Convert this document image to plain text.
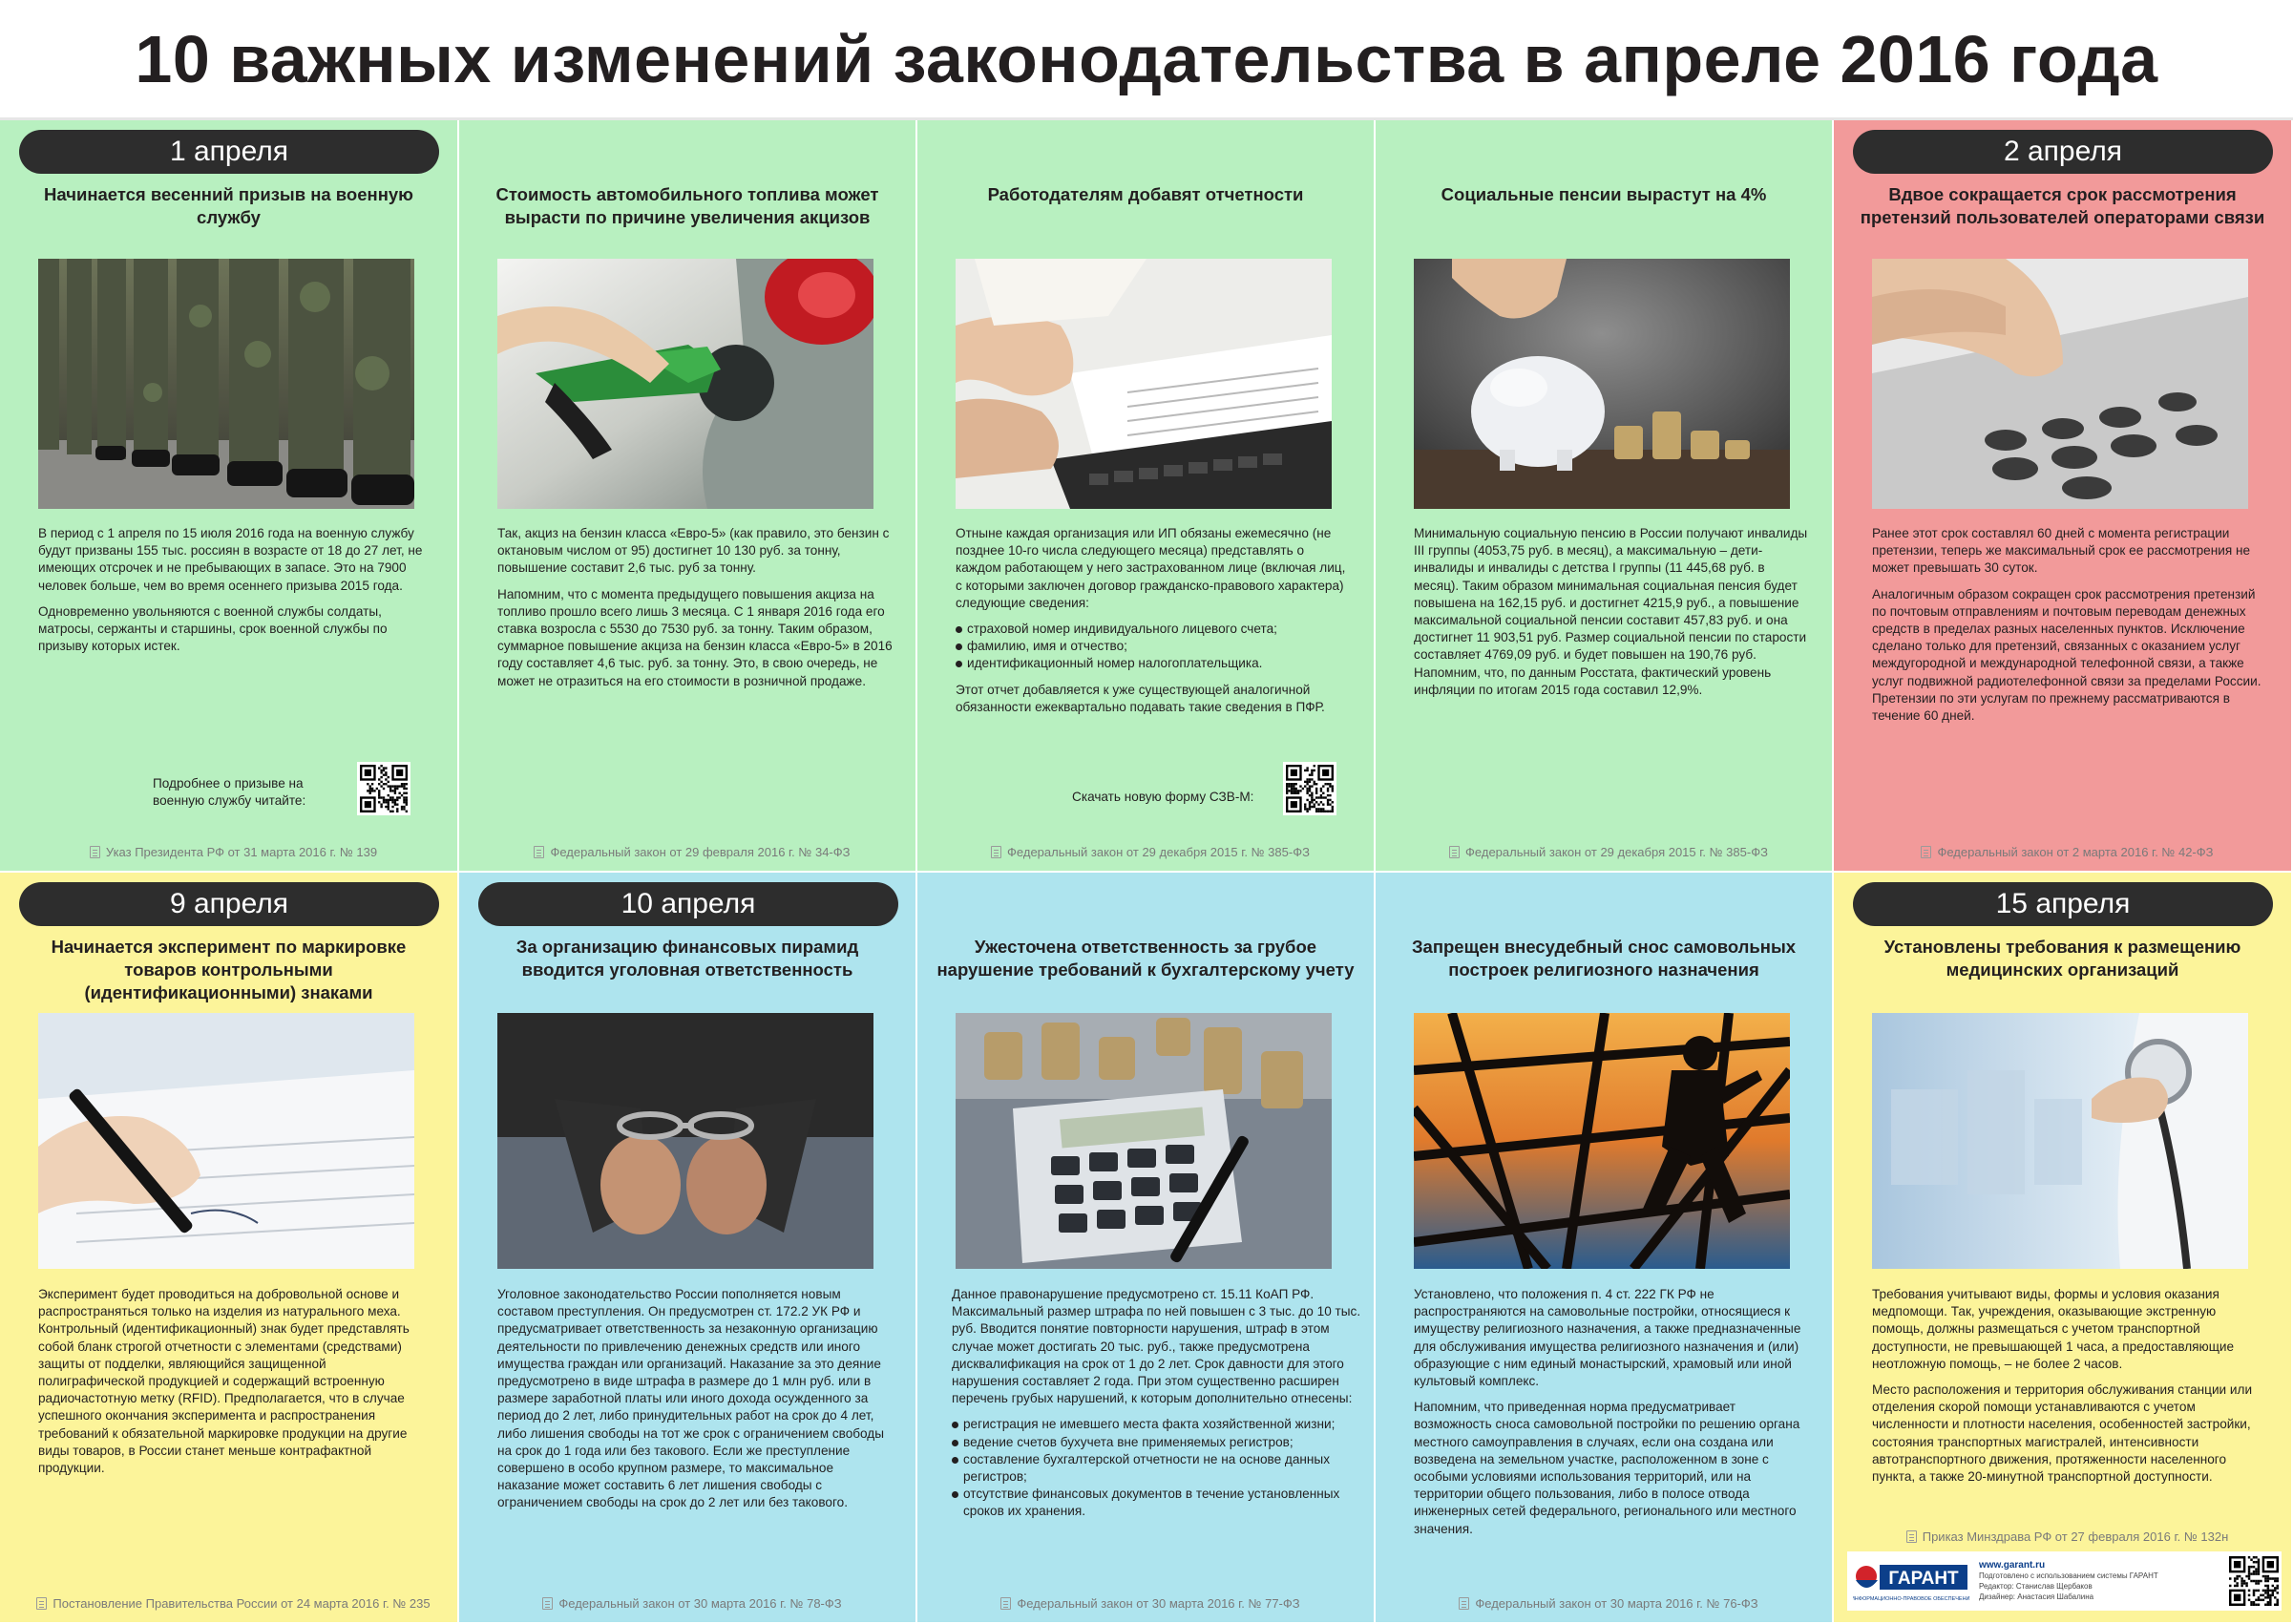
10 важных изменений законодательства в апреле 2016 года
1 апреля
Начинается весенний призыв на военную службу

В период с 1 апреля по 15 июля 2016 года на военную службу будут призваны 155 тыс. россиян в возрасте от 18 до 27 лет, не имеющих отсрочек и не пребывающих в запасе. Это на 7900 человек больше, чем во время осеннего призыва 2015 года.

Одновременно увольняются с военной службы солдаты, матросы, сержанты и старшины, срок военной службы по призыву которых истек.

Подробнее о призыве на военную службу читайте:
Указ Президента РФ от 31 марта 2016 г. № 139
Стоимость автомобильного топлива может вырасти по причине увеличения акцизов

Так, акциз на бензин класса «Евро-5» (как правило, это бензин с октановым числом от 95) достигнет 10 130 руб. за тонну, повышение составит 2,6 тыс. руб за тонну.

Напомним, что с момента предыдущего повышения акциза на топливо прошло всего лишь 3 месяца. С 1 января 2016 года его ставка возросла с 5530 до 7530 руб. за тонну. Таким образом, суммарное повышение акциза на бензин класса «Евро-5» в 2016 году составляет 4,6 тыс. руб. за тонну. Это, в свою очередь, не может не отразиться на его стоимости в розничной продаже.

Федеральный закон от 29 февраля 2016 г. № 34-ФЗ
Работодателям добавят отчетности

Отныне каждая организация или ИП обязаны ежемесячно (не позднее 10-го числа следующего месяца) представлять о каждом работающем у него застрахованном лице (включая лиц, с которыми заключен договор гражданско-правового характера) следующие сведения:

страховой номер индивидуального лицевого счета;
фамилию, имя и отчество;
идентификационный номер налогоплательщика.

Этот отчет добавляется к уже существующей аналогичной обязанности ежеквартально подавать такие сведения в ПФР.

Скачать новую форму СЗВ-М:
Федеральный закон от 29 декабря 2015 г. № 385-ФЗ
Социальные пенсии вырастут на 4%

Минимальную социальную пенсию в России получают инвалиды III группы (4053,75 руб. в месяц), а максимальную – дети-инвалиды и инвалиды с детства I группы (11 445,68 руб. в месяц). Таким образом минимальная социальная пенсия будет повышена на 162,15 руб. и достигнет 4215,9 руб., а повышение максимальной социальной пенсии составит 457,83 руб. и она достигнет 11 903,51 руб. Размер социальной пенсии по старости составляет 4769,09 руб. и будет повышен на 190,76 руб. Напомним, что, по данным Росстата, фактический уровень инфляции по итогам 2015 года составил 12,9%.

Федеральный закон от 29 декабря 2015 г. № 385-ФЗ
2 апреля
Вдвое сокращается срок рассмотрения претензий пользователей операторами связи

Ранее этот срок составлял 60 дней с момента регистрации претензии, теперь же максимальный срок ее рассмотрения не может превышать 30 суток.

Аналогичным образом сокращен срок рассмотрения претензий по почтовым отправлениям и почтовым переводам денежных средств в пределах разных населенных пунктов. Исключение сделано только для претензий, связанных с оказанием услуг междугородной и международной телефонной связи, а также услуг подвижной радиотелефонной связи за пределами России. Претензии по эти услугам по прежнему рассматриваются в течение 60 дней.

Федеральный закон от 2 марта 2016 г. № 42-ФЗ
9 апреля
Начинается эксперимент по маркировке товаров контрольными (идентификационными) знаками

Эксперимент будет проводиться на добровольной основе и распространяться только на изделия из натурального меха. Контрольный (идентификационный) знак будет представлять собой бланк строгой отчетности с элементами (средствами) защиты от подделки, являющийся защищенной полиграфической продукцией и содержащий встроенную радиочастотную метку (RFID). Предполагается, что в случае успешного окончания эксперимента и распространения требований к обязательной маркировке продукции на другие виды товаров, в России станет меньше контрафактной продукции.

Постановление Правительства России от 24 марта 2016 г. № 235
10 апреля
За организацию финансовых пирамид вводится уголовная ответственность

Уголовное законодательство России пополняется новым составом преступления. Он предусмотрен ст. 172.2 УК РФ и предусматривает ответственность за незаконную организацию деятельности по привлечению денежных средств или иного имущества граждан или организаций. Наказание за это деяние предусмотрено в виде штрафа в размере до 1 млн руб. или в размере заработной платы или иного дохода осужденного за период до 2 лет, либо принудительных работ на срок до 4 лет, либо лишения свободы на тот же срок с ограничением свободы на срок до 1 года или без такового. Если же преступление совершено в особо крупном размере, то максимальное наказание может составить 6 лет лишения свободы с ограничением свободы на срок до 2 лет или без такового.

Федеральный закон от 30 марта 2016 г. № 78-ФЗ
Ужесточена ответственность за грубое нарушение требований к бухгалтерскому учету

Данное правонарушение предусмотрено ст. 15.11 КоАП РФ. Максимальный размер штрафа по ней повышен с 3 тыс. до 10 тыс. руб. Вводится понятие повторности нарушения, штраф в этом случае может достигать 20 тыс. руб., также предусмотрена дисквалификация на срок от 1 до 2 лет. Срок давности для этого нарушения составляет 2 года. При этом существенно расширен перечень грубых нарушений, к которым дополнительно отнесены:

регистрация не имевшего места факта хозяйственной жизни;
ведение счетов бухучета вне применяемых регистров;
составление бухгалтерской отчетности не на основе данных регистров;
отсутствие финансовых документов в течение установленных сроков их хранения.
Федеральный закон от 30 марта 2016 г. № 77-ФЗ
Запрещен внесудебный снос самовольных построек религиозного назначения

Установлено, что положения п. 4 ст. 222 ГК РФ не распространяются на самовольные постройки, относящиеся к имуществу религиозного назначения, а также предназначенные для обслуживания имущества религиозного назначения и (или) образующие с ним единый монастырский, храмовый или иной культовый комплекс.

Напомним, что приведенная норма предусматривает возможность сноса самовольной постройки по решению органа местного самоуправления в случаях, если она создана или возведена на земельном участке, расположенном в зоне с особыми условиями использования территорий, или на территории общего пользования, либо в полосе отвода инженерных сетей федерального, регионального или местного значения.

Федеральный закон от 30 марта 2016 г. № 76-ФЗ
15 апреля
Установлены требования к размещению медицинских организаций

Требования учитывают виды, формы и условия оказания медпомощи. Так, учреждения, оказывающие экстренную помощь, должны размещаться с учетом транспортной доступности, не превышающей 1 часа, а предоставляющие неотложную помощь, – не более 2 часов.

Место расположения и территория обслуживания станции или отделения скорой помощи устанавливаются с учетом численности и плотности населения, особенностей застройки, состояния транспортных магистралей, интенсивности автотранспортного движения, протяженности населенного пункта, а также 20-минутной транспортной доступности.

Приказ Минздрава РФ от 27 февраля 2016 г. № 132н
ГАРАНТ
ИНФОРМАЦИОННО-ПРАВОВОЕ ОБЕСПЕЧЕНИЕ
www.garant.ru
Подготовлено с использованием системы ГАРАНТ
Редактор: Станислав Щербаков
Дизайнер: Анастасия Шабалина
